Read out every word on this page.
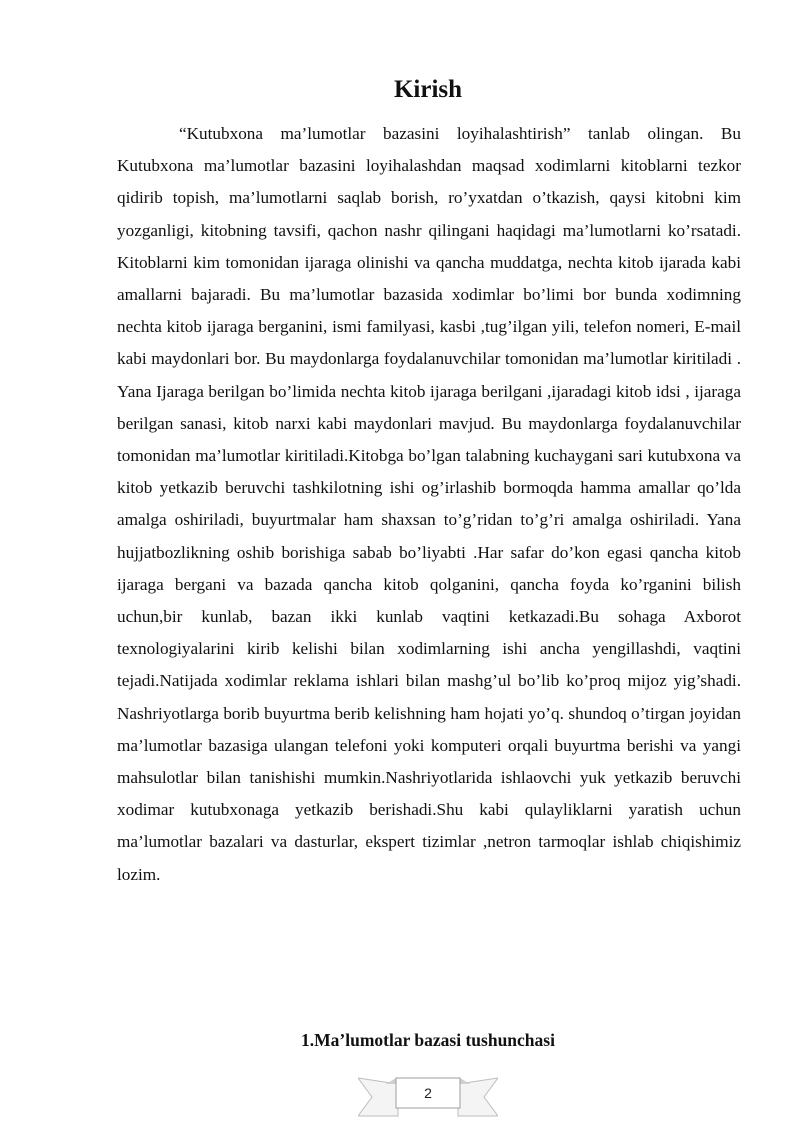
Kirish

“Kutubxona ma’lumotlar bazasini loyihalashtirish” tanlab olingan. Bu Kutubxona ma’lumotlar bazasini loyihalashdan maqsad xodimlarni kitoblarni tezkor qidirib topish, ma’lumotlarni saqlab borish, ro’yxatdan o’tkazish, qaysi kitobni kim yozganligi, kitobning tavsifi, qachon nashr qilingani haqidagi ma’lumotlarni ko’rsatadi. Kitoblarni kim tomonidan ijaraga olinishi va qancha muddatga, nechta kitob ijarada kabi amallarni bajaradi. Bu ma’lumotlar bazasida xodimlar bo’limi bor bunda xodimning nechta kitob ijaraga berganini, ismi familyasi, kasbi ,tug’ilgan yili, telefon nomeri, E-mail kabi maydonlari bor. Bu maydonlarga foydalanuvchilar tomonidan ma’lumotlar kiritiladi . Yana Ijaraga berilgan bo’limida nechta kitob ijaraga berilgani ,ijaradagi kitob idsi , ijaraga berilgan sanasi, kitob narxi kabi maydonlari mavjud. Bu maydonlarga foydalanuvchilar tomonidan ma’lumotlar kiritiladi.Kitobga bo’lgan talabning kuchaygani sari kutubxona va kitob yetkazib beruvchi tashkilotning ishi og’irlashib bormoqda hamma amallar qo’lda amalga oshiriladi, buyurtmalar ham shaxsan to’g’ridan to’g’ri amalga oshiriladi. Yana hujjatbozlikning oshib borishiga sabab bo’liyabti .Har safar do’kon egasi qancha kitob ijaraga bergani va bazada qancha kitob qolganini, qancha foyda ko’rganini bilish uchun,bir kunlab, bazan ikki kunlab vaqtini ketkazadi.Bu sohaga Axborot texnologiyalarini kirib kelishi bilan xodimlarning ishi ancha yengillashdi, vaqtini tejadi.Natijada xodimlar reklama ishlari bilan mashg’ul bo’lib ko’proq mijoz yig’shadi. Nashriyotlarga borib buyurtma berib kelishning ham hojati yo’q. shundoq o’tirgan joyidan ma’lumotlar bazasiga ulangan telefoni yoki komputeri orqali buyurtma berishi va yangi mahsulotlar bilan tanishishi mumkin.Nashriyotlarida ishlaovchi yuk yetkazib beruvchi xodimar kutubxonaga yetkazib berishadi.Shu kabi qulayliklarni yaratish uchun ma’lumotlar bazalari va dasturlar, ekspert tizimlar ,netron tarmoqlar ishlab chiqishimiz lozim.

1.Ma’lumotlar bazasi tushunchasi
2
